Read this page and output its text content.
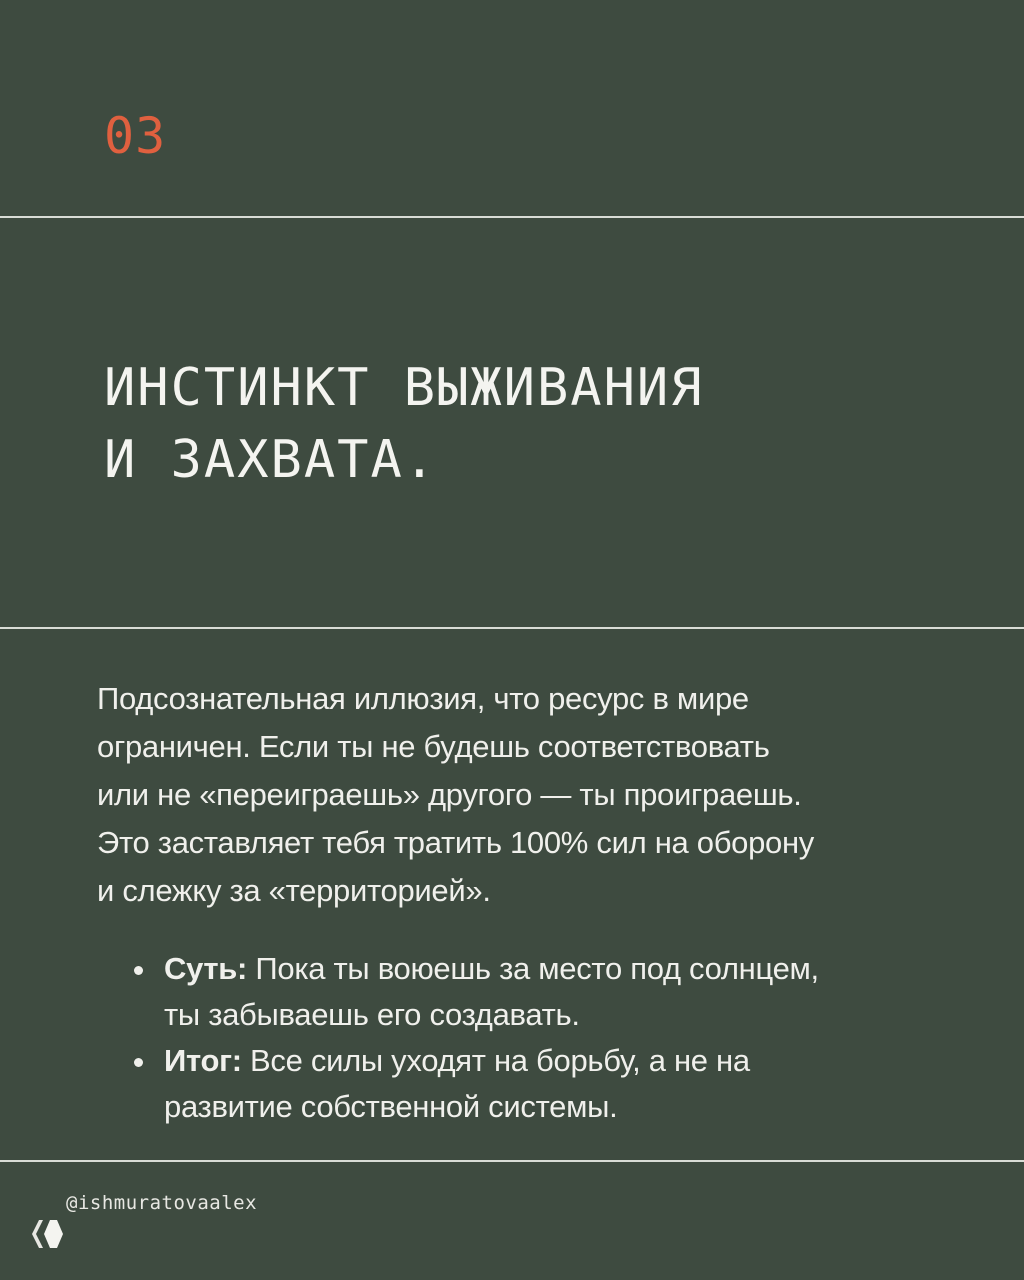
03
ИНСТИНКТ ВЫЖИВАНИЯ
И ЗАХВАТА.

Подсознательная иллюзия, что ресурс в мире
ограничен. Если ты не будешь соответствовать
или не «переиграешь» другого — ты проиграешь.
Это заставляет тебя тратить 100% сил на оборону
и слежку за «территорией».

Суть: Пока ты воюешь за место под солнцем,
ты забываешь его создавать.
Итог: Все силы уходят на борьбу, а не на
развитие собственной системы.
@ishmuratovaalex
